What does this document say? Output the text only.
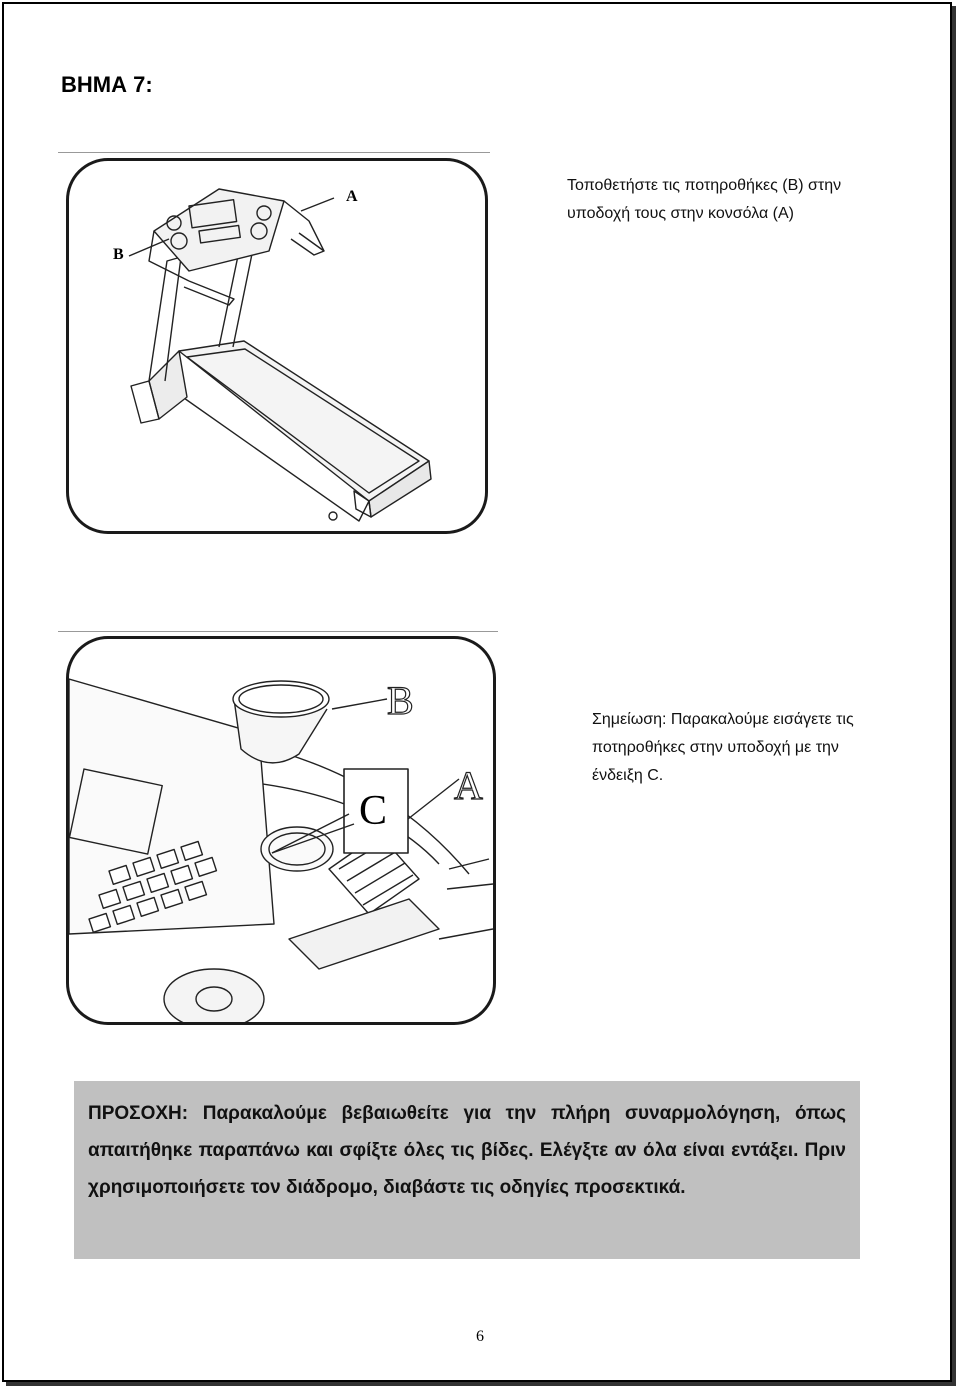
ΒΗΜΑ 7:
A
B
Τοποθετήστε τις ποτηροθήκες (B) στην
υποδοχή τους στην κονσόλα (A)
C
B
A
Σημείωση: Παρακαλούμε εισάγετε τις
ποτηροθήκες στην υποδοχή με την
ένδειξη C.
ΠΡΟΣΟΧΗ: Παρακαλούμε βεβαιωθείτε για την πλήρη συναρμολόγηση, όπως απαιτήθηκε παραπάνω και σφίξτε όλες τις βίδες. Ελέγξτε αν όλα είναι εντάξει. Πριν χρησιμοποιήσετε τον διάδρομο, διαβάστε τις οδηγίες προσεκτικά.
6
